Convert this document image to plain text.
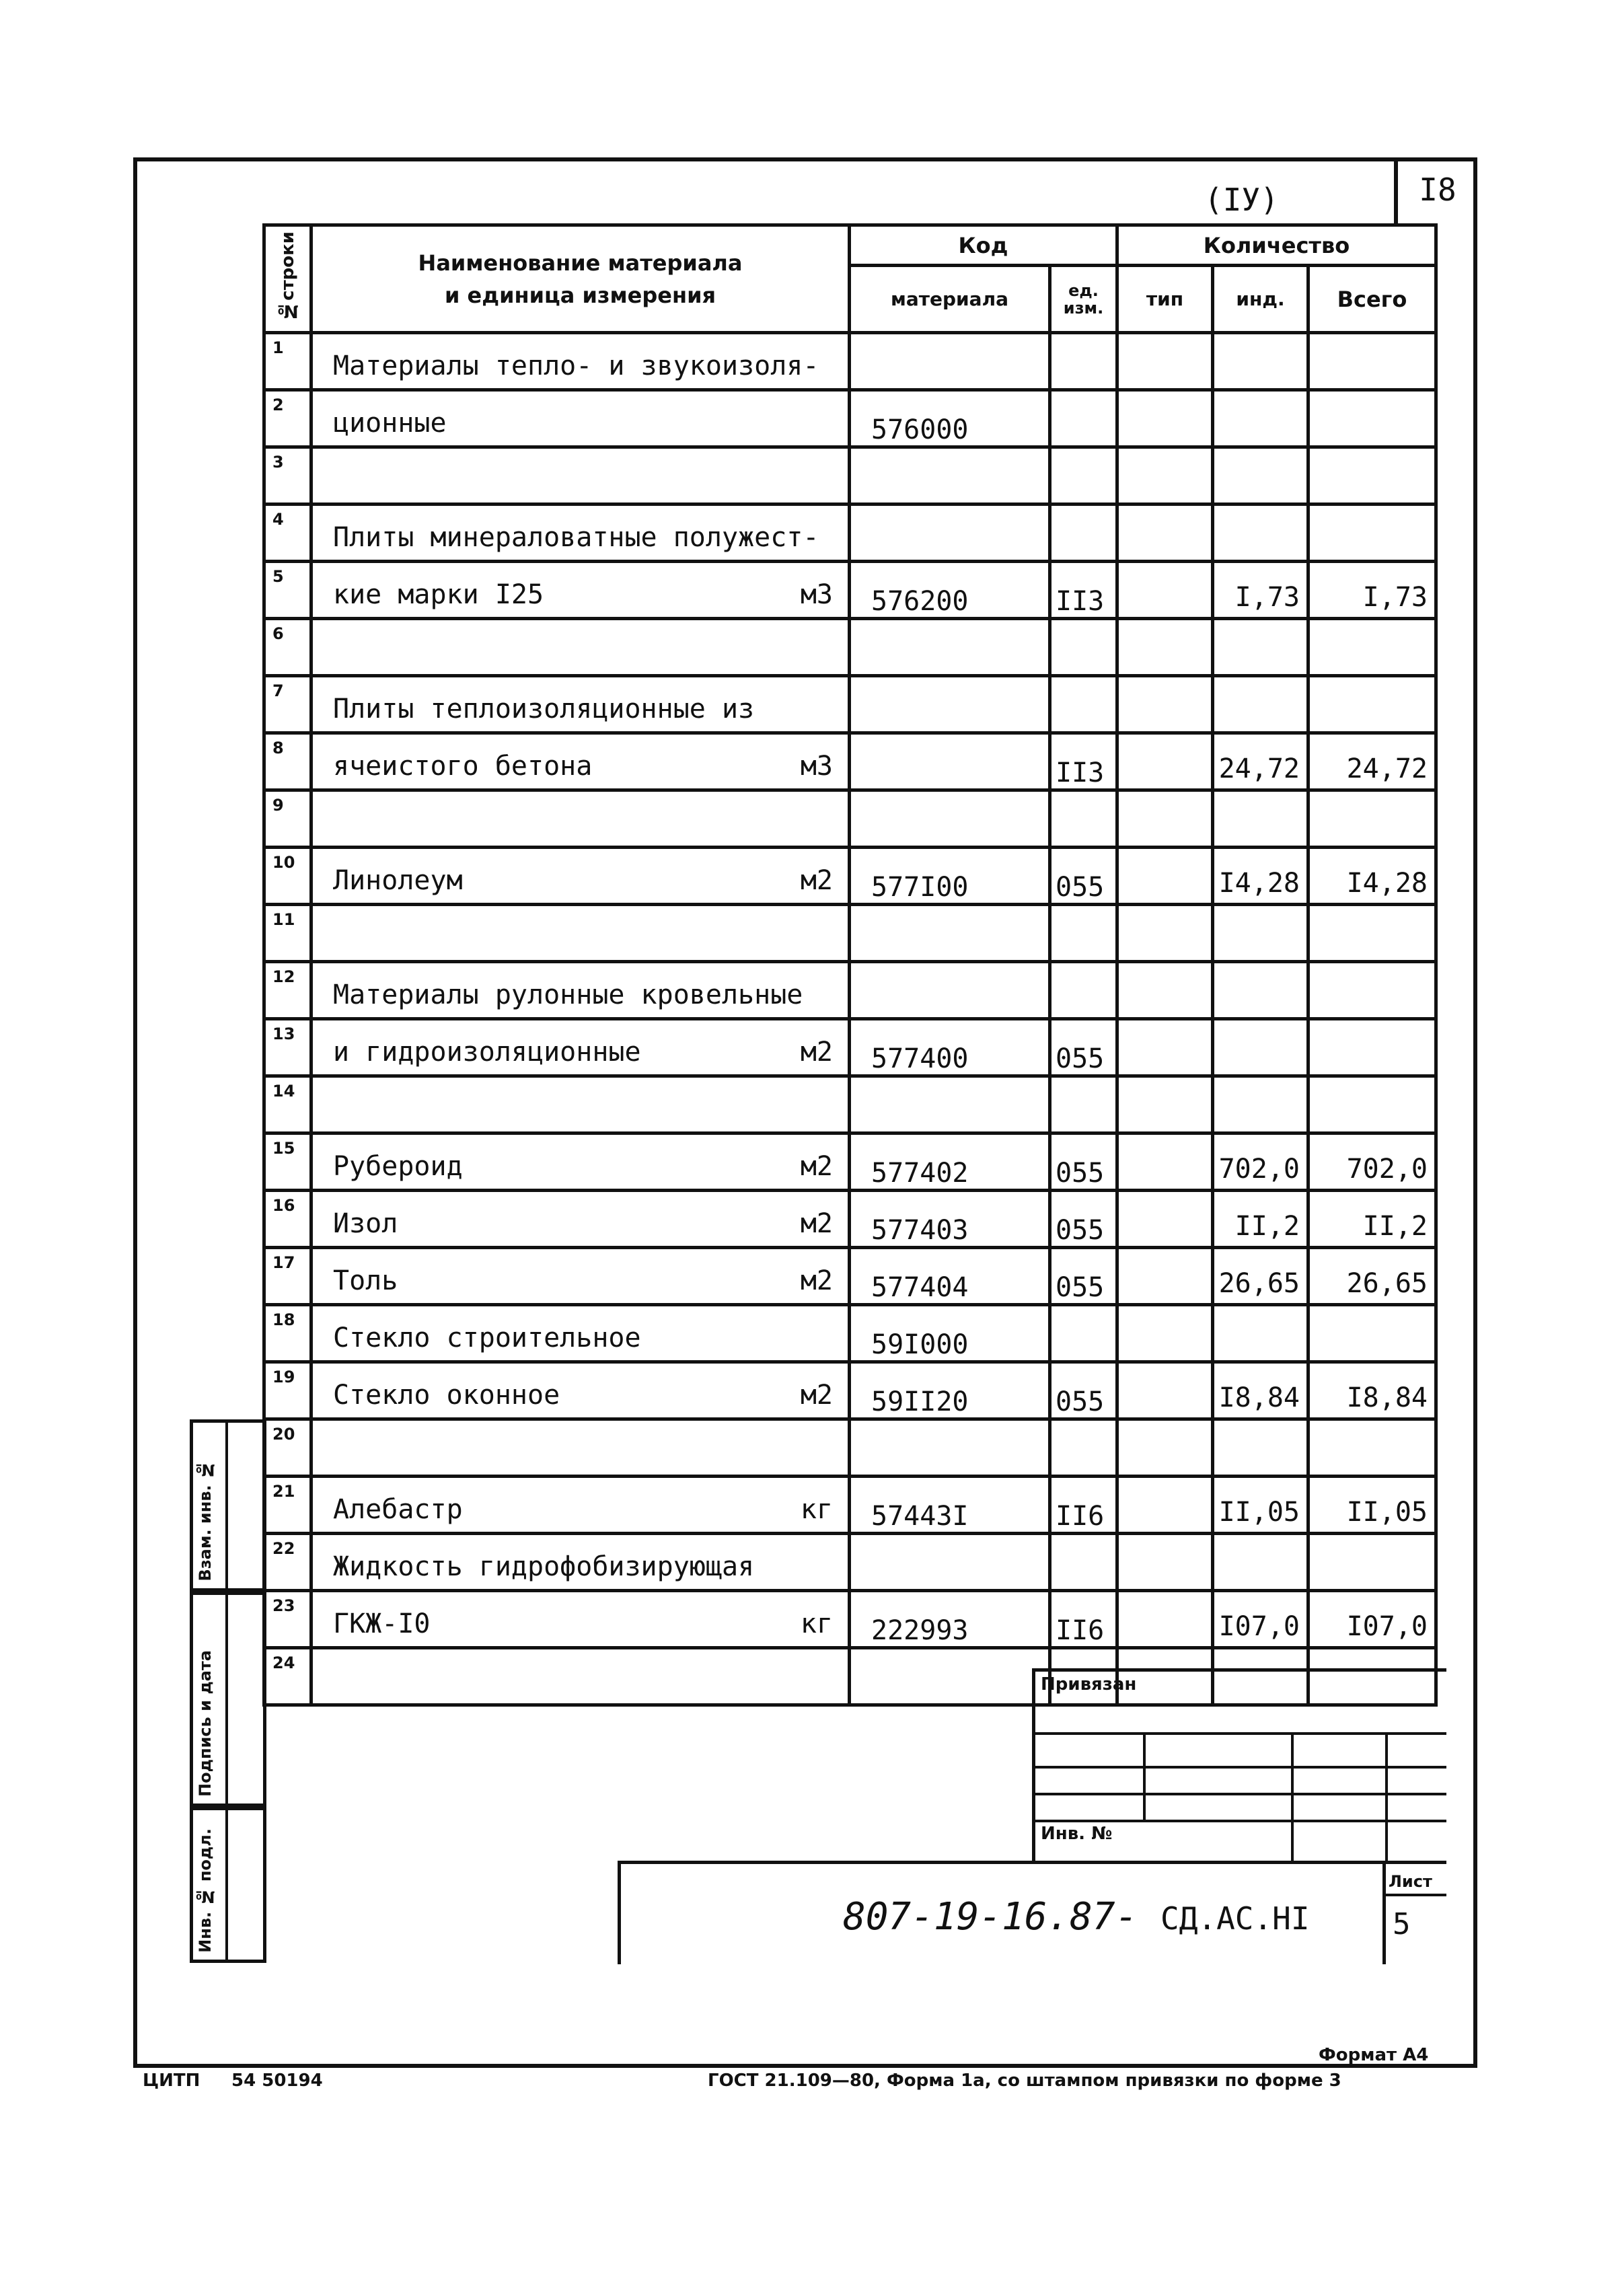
I8
(IУ)
№строки	Наименование материала
и единица измерения	Код		Количество		
		материала	ед. изм.	тип	инд.	Всего
1	Материалы тепло- и звукоизоля-					

2	ционные	576000				
3	

4	Плиты минераловатные полужест-					

5	кие марки I25 м3	576200	II3		I,73	I,73
6	

7	Плиты теплоизоляционные из					

8	ячеистого бетона м3		II3		24,72	24,72
9	

10	Линолеум м2	577I00	055		I4,28	I4,28
11	

12	Материалы рулонные кровельные					

13	и гидроизоляционные м2	577400	055			
14	

15	Рубероид м2	577402	055		702,0	702,0
16	Изол м2	577403	055		II,2	II,2
17	Толь м2	577404	055		26,65	26,65
18	Стекло строительное	59I000				
19	Стекло оконное м2	59II20	055		I8,84	I8,84
20	

21	Алебастр кг	57443I	II6		II,05	II,05
22	Жидкость гидрофобизирующая					

23	ГКЖ-I0 кг	222993	II6		I07,0	I07,0
24	

Привязан
Инв. №
807-19-16.87- СД.АС.НI
Лист
5
Взам. инв. №
Подпись и дата
Инв. № подл.
ЦИТП 54 50194	ГОСТ 21.109—80, Форма 1а, со штампом привязки по форме 3
Формат А4
